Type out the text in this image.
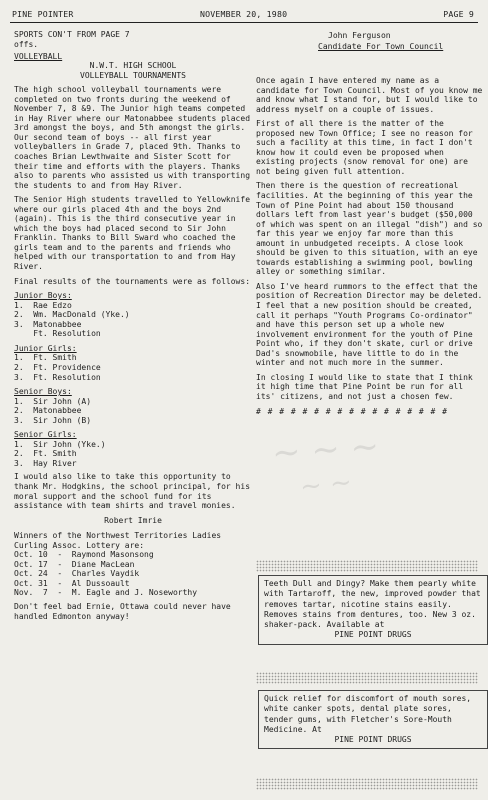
PINE POINTER	NOVEMBER 20, 1980	PAGE 9
SPORTS CON'T FROM PAGE 7	John Ferguson
Candidate For Town Council

offs.

VOLLEYBALL
N.W.T. HIGH SCHOOL
VOLLEYBALL TOURNAMENTS

The high school volleyball tournaments were completed on two fronts during the weekend of November 7, 8 &9. The Junior high teams competed in Hay River where our Matonabbee students placed 3rd amongst the boys, and 5th amongst the girls. Our second team of boys -- all first year volleyballers in Grade 7, placed 9th. Thanks to coaches Brian Lewthwaite and Sister Scott for their time and efforts with the players. Thanks also to parents who assisted us with transporting the students to and from Hay River.

The Senior High students travelled to Yellowknife where our girls placed 4th and the boys 2nd (again). This is the third consecutive year in which the boys had placed second to Sir John Franklin. Thanks to Bill Sward who coached the girls team and to the parents and friends who helped with our transportation to and from Hay River.

Final results of the tournaments were as follows:

Junior Boys:
1.  Rae Edzo
2.  Wm. MacDonald (Yke.)
3.  Matonabbee
Ft. Resolution
Junior Girls:
1.  Ft. Smith
2.  Ft. Providence
3.  Ft. Resolution
Senior Boys:
1.  Sir John (A)
2.  Matonabbee
3.  Sir John (B)
Senior Girls:
1.  Sir John (Yke.)
2.  Ft. Smith
3.  Hay River

I would also like to take this opportunity to thank Mr. Hodgkins, the school principal, for his moral support and the school fund for its assistance with team shirts and travel monies.

Robert Imrie
Winners of the Northwest Territories Ladies Curling Assoc. Lottery are:
Oct. 10  -  Raymond Masonsong
Oct. 17  -  Diane MacLean
Oct. 24  -  Charles Vaydik
Oct. 31  -  Al Dussoault
Nov.  7  -  M. Eagle and J. Noseworthy
Don't feel bad Ernie, Ottawa could never have handled Edmonton anyway!

Once again I have entered my name as a candidate for Town Council. Most of you know me and know what I stand for, but I would like to address myself on a couple of issues.

First of all there is the matter of the proposed new Town Office; I see no reason for such a facility at this time, in fact I don't know how it could even be proposed when existing projects (snow removal for one) are not being given full attention.

Then there is the question of recreational facilities. At the beginning of this year the Town of Pine Point had about 150 thousand dollars left from last year's budget ($50,000 of which was spent on an illegal "dish") and so far this year we enjoy far more than this amount in unbudgeted receipts. A close look should be given to this situation, with an eye towards establishing a swimming pool, bowling alley or something similar.

Also I've heard rummors to the effect that the position of Recreation Director may be deleted. I feel that a new position should be created, call it perhaps "Youth Programs Co-ordinator" and have this person set up a whole new involvement environment for the youth of Pine Point who, if they don't skate, curl or drive Dad's snowmobile, have little to do in the winter and not much more in the summer.

In closing I would like to state that I think it high time that Pine Point be run for all its' citizens, and not just a chosen few.

# # # # # # # # # # # # # # # # #
Teeth Dull and Dingy? Make them pearly white with Tartaroff, the new, improved powder that removes tartar, nicotine stains easily. Removes stains from dentures, too. New 3 oz. shaker-pack. Available at
PINE POINT DRUGS
Quick relief for discomfort of mouth sores, white canker spots, dental plate sores, tender gums, with Fletcher's Sore-Mouth Medicine. At
PINE POINT DRUGS
~ ~ ~
~ ~
